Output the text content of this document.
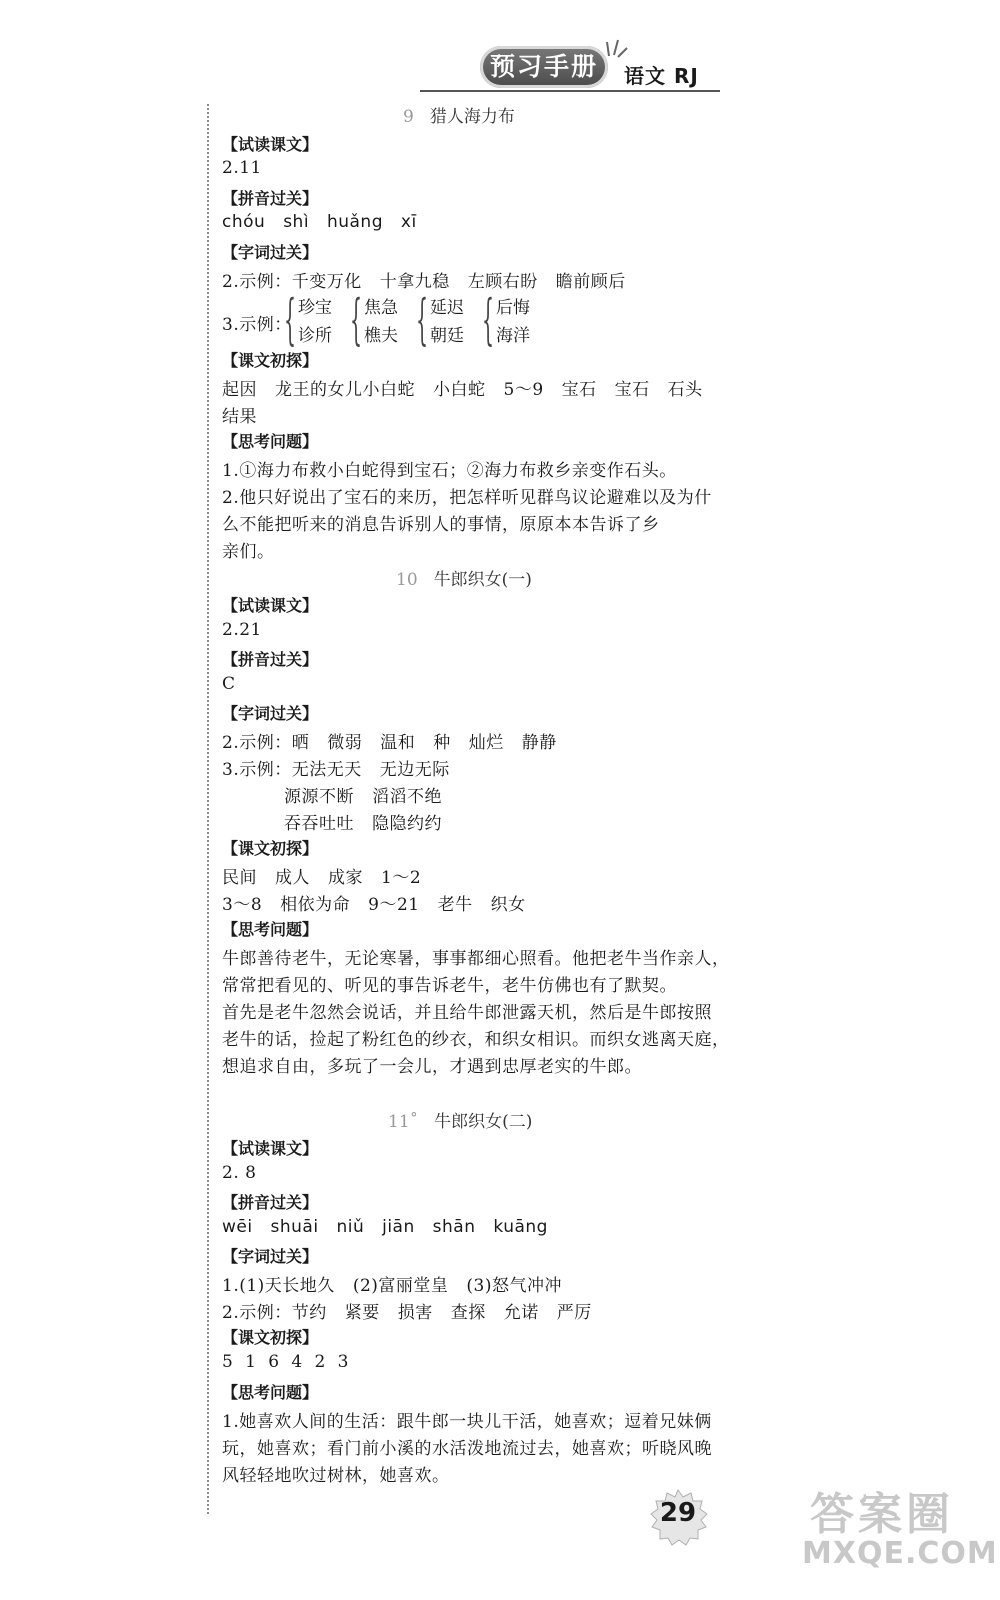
预习手册	语文 RJ
9 猎人海力布
【试读课文】
2.11
【拼音过关】
chóu shì huǎng xī
【字词过关】
2.示例：千变万化 十拿九稳 左顾右盼 瞻前顾后
3.示例：
{ 珍宝
诊所 { 焦急
樵夫 { 延迟
朝廷 { 后悔
海洋
【课文初探】
起因 龙王的女儿小白蛇 小白蛇 5～9 宝石 宝石 石头
结果
【思考问题】
1.①海力布救小白蛇得到宝石；②海力布救乡亲变作石头。
2.他只好说出了宝石的来历，把怎样听见群鸟议论避难以及为什
么不能把听来的消息告诉别人的事情，原原本本告诉了乡
亲们。
10 牛郎织女(一)
【试读课文】
2.21
【拼音过关】
C
【字词过关】
2.示例：晒 微弱 温和 种 灿烂 静静
3.示例：无法无天 无边无际
源源不断 滔滔不绝
吞吞吐吐 隐隐约约
【课文初探】
民间 成人 成家 1～2
3～8 相依为命 9～21 老牛 织女
【思考问题】
牛郎善待老牛，无论寒暑，事事都细心照看。他把老牛当作亲人，
常常把看见的、听见的事告诉老牛，老牛仿佛也有了默契。
首先是老牛忽然会说话，并且给牛郎泄露天机，然后是牛郎按照
老牛的话，捡起了粉红色的纱衣，和织女相识。而织女逃离天庭，
想追求自由，多玩了一会儿，才遇到忠厚老实的牛郎。
11˚ 牛郎织女(二)
【试读课文】
2. 8
【拼音过关】
wēi shuāi niǔ jiān shān kuāng
【字词过关】
1.(1)天长地久 (2)富丽堂皇 (3)怒气冲冲
2.示例：节约 紧要 损害 查探 允诺 严厉
【课文初探】
5  1  6  4  2  3
【思考问题】
1.她喜欢人间的生活：跟牛郎一块儿干活，她喜欢；逗着兄妹俩
玩，她喜欢；看门前小溪的水活泼地流过去，她喜欢；听晓风晚
风轻轻地吹过树林，她喜欢。
29	答案圈
MXQE.COM
